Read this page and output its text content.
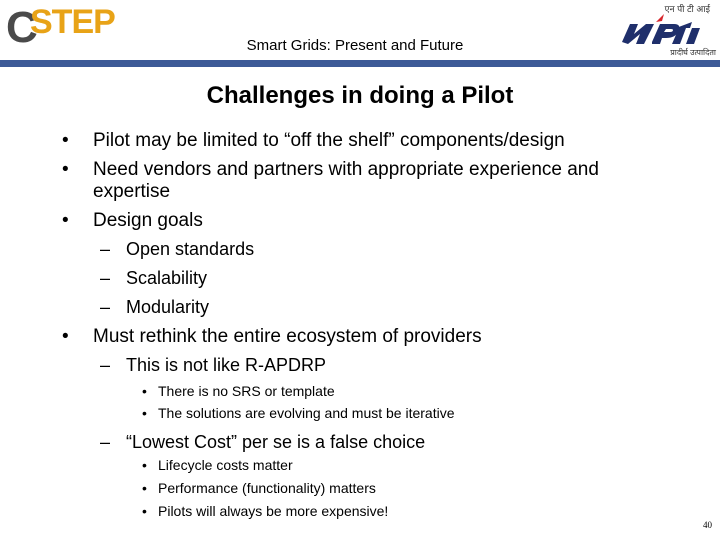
C
STEP
Smart Grids: Present and Future
एन पी टी आई
प्रादीर्घ उत्पादिता
Challenges in doing a Pilot
• Pilot may be limited to “off the shelf” components/design
• Need vendors and partners with appropriate experience and
expertise
• Design goals
– Open standards
– Scalability
– Modularity
• Must rethink the entire ecosystem of providers
– This is not like R-APDRP
• There is no SRS or template
• The solutions are evolving and must be iterative
– “Lowest Cost” per se is a false choice
• Lifecycle costs matter
• Performance (functionality) matters
• Pilots will always be more expensive!
40
